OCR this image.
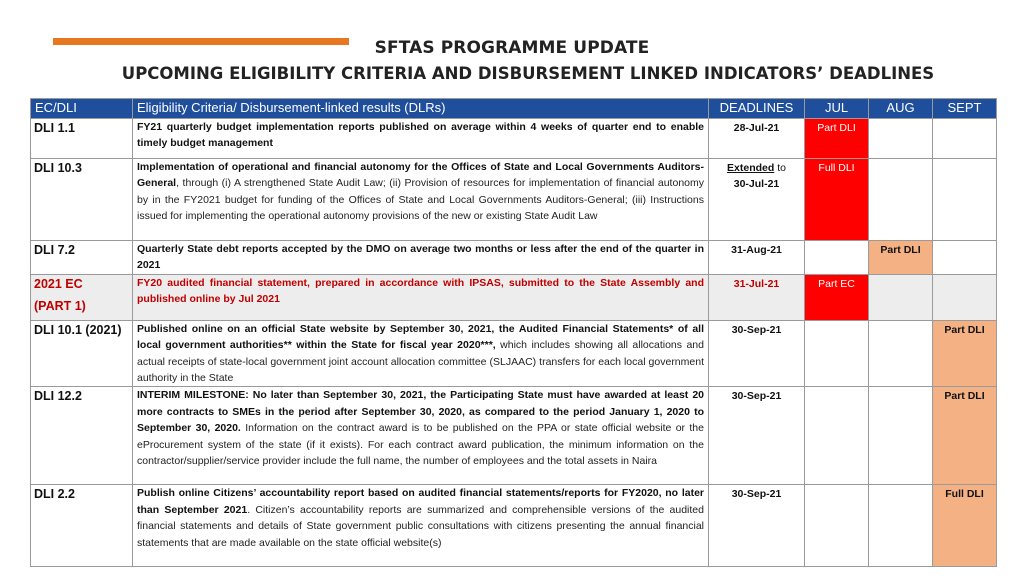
SFTAS PROGRAMME UPDATE
UPCOMING ELIGIBILITY CRITERIA AND DISBURSEMENT LINKED INDICATORS’ DEADLINES
EC/DLI	Eligibility Criteria/ Disbursement-linked results (DLRs)	DEADLINES	JUL	AUG	SEPT
DLI 1.1	FY21 quarterly budget implementation reports published on average within 4 weeks of quarter end to enable timely budget management	28-Jul-21	Part DLI		
DLI 10.3	Implementation of operational and financial autonomy for the Offices of State and Local Governments Auditors-General, through (i) A strengthened State Audit Law; (ii) Provision of resources for implementation of financial autonomy by in the FY2021 budget for funding of the Offices of State and Local Governments Auditors-General; (iii) Instructions issued for implementing the operational autonomy provisions of the new or existing State Audit Law	Extended to
30-Jul-21	Full DLI		
DLI 7.2	Quarterly State debt reports accepted by the DMO on average two months or less after the end of the quarter in 2021	31-Aug-21		Part DLI	
2021 EC
(PART 1)	FY20 audited financial statement, prepared in accordance with IPSAS, submitted to the State Assembly and published online by Jul 2021	31-Jul-21	Part EC		
DLI 10.1 (2021)	Published online on an official State website by September 30, 2021, the Audited Financial Statements* of all local government authorities** within the State for fiscal year 2020***, which includes showing all allocations and actual receipts of state-local government joint account allocation committee (SLJAAC) transfers for each local government authority in the State	30-Sep-21			Part DLI
DLI 12.2	INTERIM MILESTONE: No later than September 30, 2021, the Participating State must have awarded at least 20 more contracts to SMEs in the period after September 30, 2020, as compared to the period January 1, 2020 to September 30, 2020. Information on the contract award is to be published on the PPA or state official website or the eProcurement system of the state (if it exists). For each contract award publication, the minimum information on the contractor/supplier/service provider include the full name, the number of employees and the total assets in Naira	30-Sep-21			Part DLI
DLI 2.2	Publish online Citizens’ accountability report based on audited financial statements/reports for FY2020, no later than September 2021. Citizen’s accountability reports are summarized and comprehensible versions of the audited financial statements and details of State government public consultations with citizens presenting the annual financial statements that are made available on the state official website(s)	30-Sep-21			Full DLI
